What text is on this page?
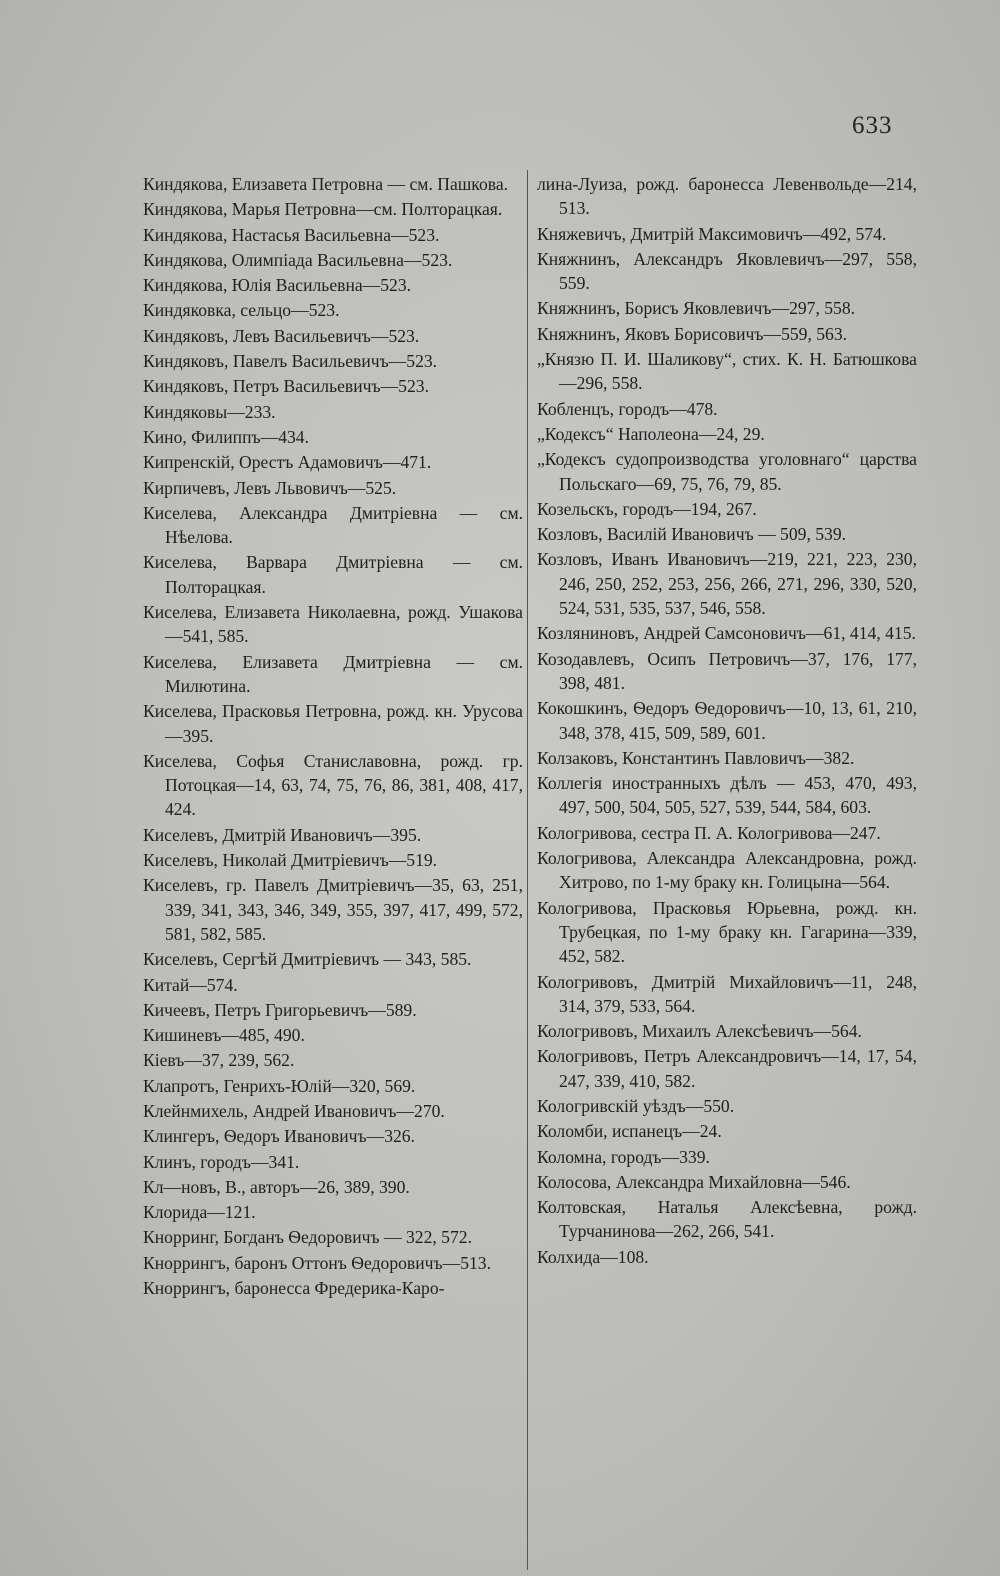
633

Киндякова, Елизавета Петровна — см. Пашкова.

Киндякова, Марья Петровна—см. Полторацкая.

Киндякова, Настасья Васильевна—523.

Киндякова, Олимпіада Васильевна—523.

Киндякова, Юлія Васильевна—523.

Киндяковка, сельцо—523.

Киндяковъ, Левъ Васильевичъ—523.

Киндяковъ, Павелъ Васильевичъ—523.

Киндяковъ, Петръ Васильевичъ—523.

Киндяковы—233.

Кино, Филиппъ—434.

Кипренскій, Орестъ Адамовичъ—471.

Кирпичевъ, Левъ Львовичъ—525.

Киселева, Александра Дмитріевна — см. Нѣелова.

Киселева, Варвара Дмитріевна — см. Полторацкая.

Киселева, Елизавета Николаевна, рожд. Ушакова—541, 585.

Киселева, Елизавета Дмитріевна — см. Милютина.

Киселева, Прасковья Петровна, рожд. кн. Урусова—395.

Киселева, Софья Станиславовна, рожд. гр. Потоцкая—14, 63, 74, 75, 76, 86, 381, 408, 417, 424.

Киселевъ, Дмитрій Ивановичъ—395.

Киселевъ, Николай Дмитріевичъ—519.

Киселевъ, гр. Павелъ Дмитріевичъ—35, 63, 251, 339, 341, 343, 346, 349, 355, 397, 417, 499, 572, 581, 582, 585.

Киселевъ, Сергѣй Дмитріевичъ — 343, 585.

Китай—574.

Кичеевъ, Петръ Григорьевичъ—589.

Кишиневъ—485, 490.

Кіевъ—37, 239, 562.

Клапротъ, Генрихъ-Юлій—320, 569.

Клейнмихель, Андрей Ивановичъ—270.

Клингеръ, Ѳедоръ Ивановичъ—326.

Клинъ, городъ—341.

Кл—новъ, В., авторъ—26, 389, 390.

Клорида—121.

Кнорринг, Богданъ Ѳедоровичъ — 322, 572.

Кноррингъ, баронъ Оттонъ Ѳедоровичъ—513.

Кноррингъ, баронесса Фредерика-Каро-

лина-Луиза, рожд. баронесса Левенвольде—214, 513.

Княжевичъ, Дмитрій Максимовичъ—492, 574.

Княжнинъ, Александръ Яковлевичъ—297, 558, 559.

Княжнинъ, Борисъ Яковлевичъ—297, 558.

Княжнинъ, Яковъ Борисовичъ—559, 563.

„Князю П. И. Шаликову“, стих. К. Н. Батюшкова—296, 558.

Кобленцъ, городъ—478.

„Кодексъ“ Наполеона—24, 29.

„Кодексъ судопроизводства уголовнаго“ царства Польскаго—69, 75, 76, 79, 85.

Козельскъ, городъ—194, 267.

Козловъ, Василій Ивановичъ — 509, 539.

Козловъ, Иванъ Ивановичъ—219, 221, 223, 230, 246, 250, 252, 253, 256, 266, 271, 296, 330, 520, 524, 531, 535, 537, 546, 558.

Козляниновъ, Андрей Самсоновичъ—61, 414, 415.

Козодавлевъ, Осипъ Петровичъ—37, 176, 177, 398, 481.

Кокошкинъ, Ѳедоръ Ѳедоровичъ—10, 13, 61, 210, 348, 378, 415, 509, 589, 601.

Колзаковъ, Константинъ Павловичъ—382.

Коллегія иностранныхъ дѣлъ — 453, 470, 493, 497, 500, 504, 505, 527, 539, 544, 584, 603.

Кологривова, сестра П. А. Кологривова—247.

Кологривова, Александра Александровна, рожд. Хитрово, по 1-му браку кн. Голицына—564.

Кологривова, Прасковья Юрьевна, рожд. кн. Трубецкая, по 1-му браку кн. Гагарина—339, 452, 582.

Кологривовъ, Дмитрій Михайловичъ—11, 248, 314, 379, 533, 564.

Кологривовъ, Михаилъ Алексѣевичъ—564.

Кологривовъ, Петръ Александровичъ—14, 17, 54, 247, 339, 410, 582.

Кологривскій уѣздъ—550.

Коломби, испанецъ—24.

Коломна, городъ—339.

Колосова, Александра Михайловна—546.

Колтовская, Наталья Алексѣевна, рожд. Турчанинова—262, 266, 541.

Колхида—108.
